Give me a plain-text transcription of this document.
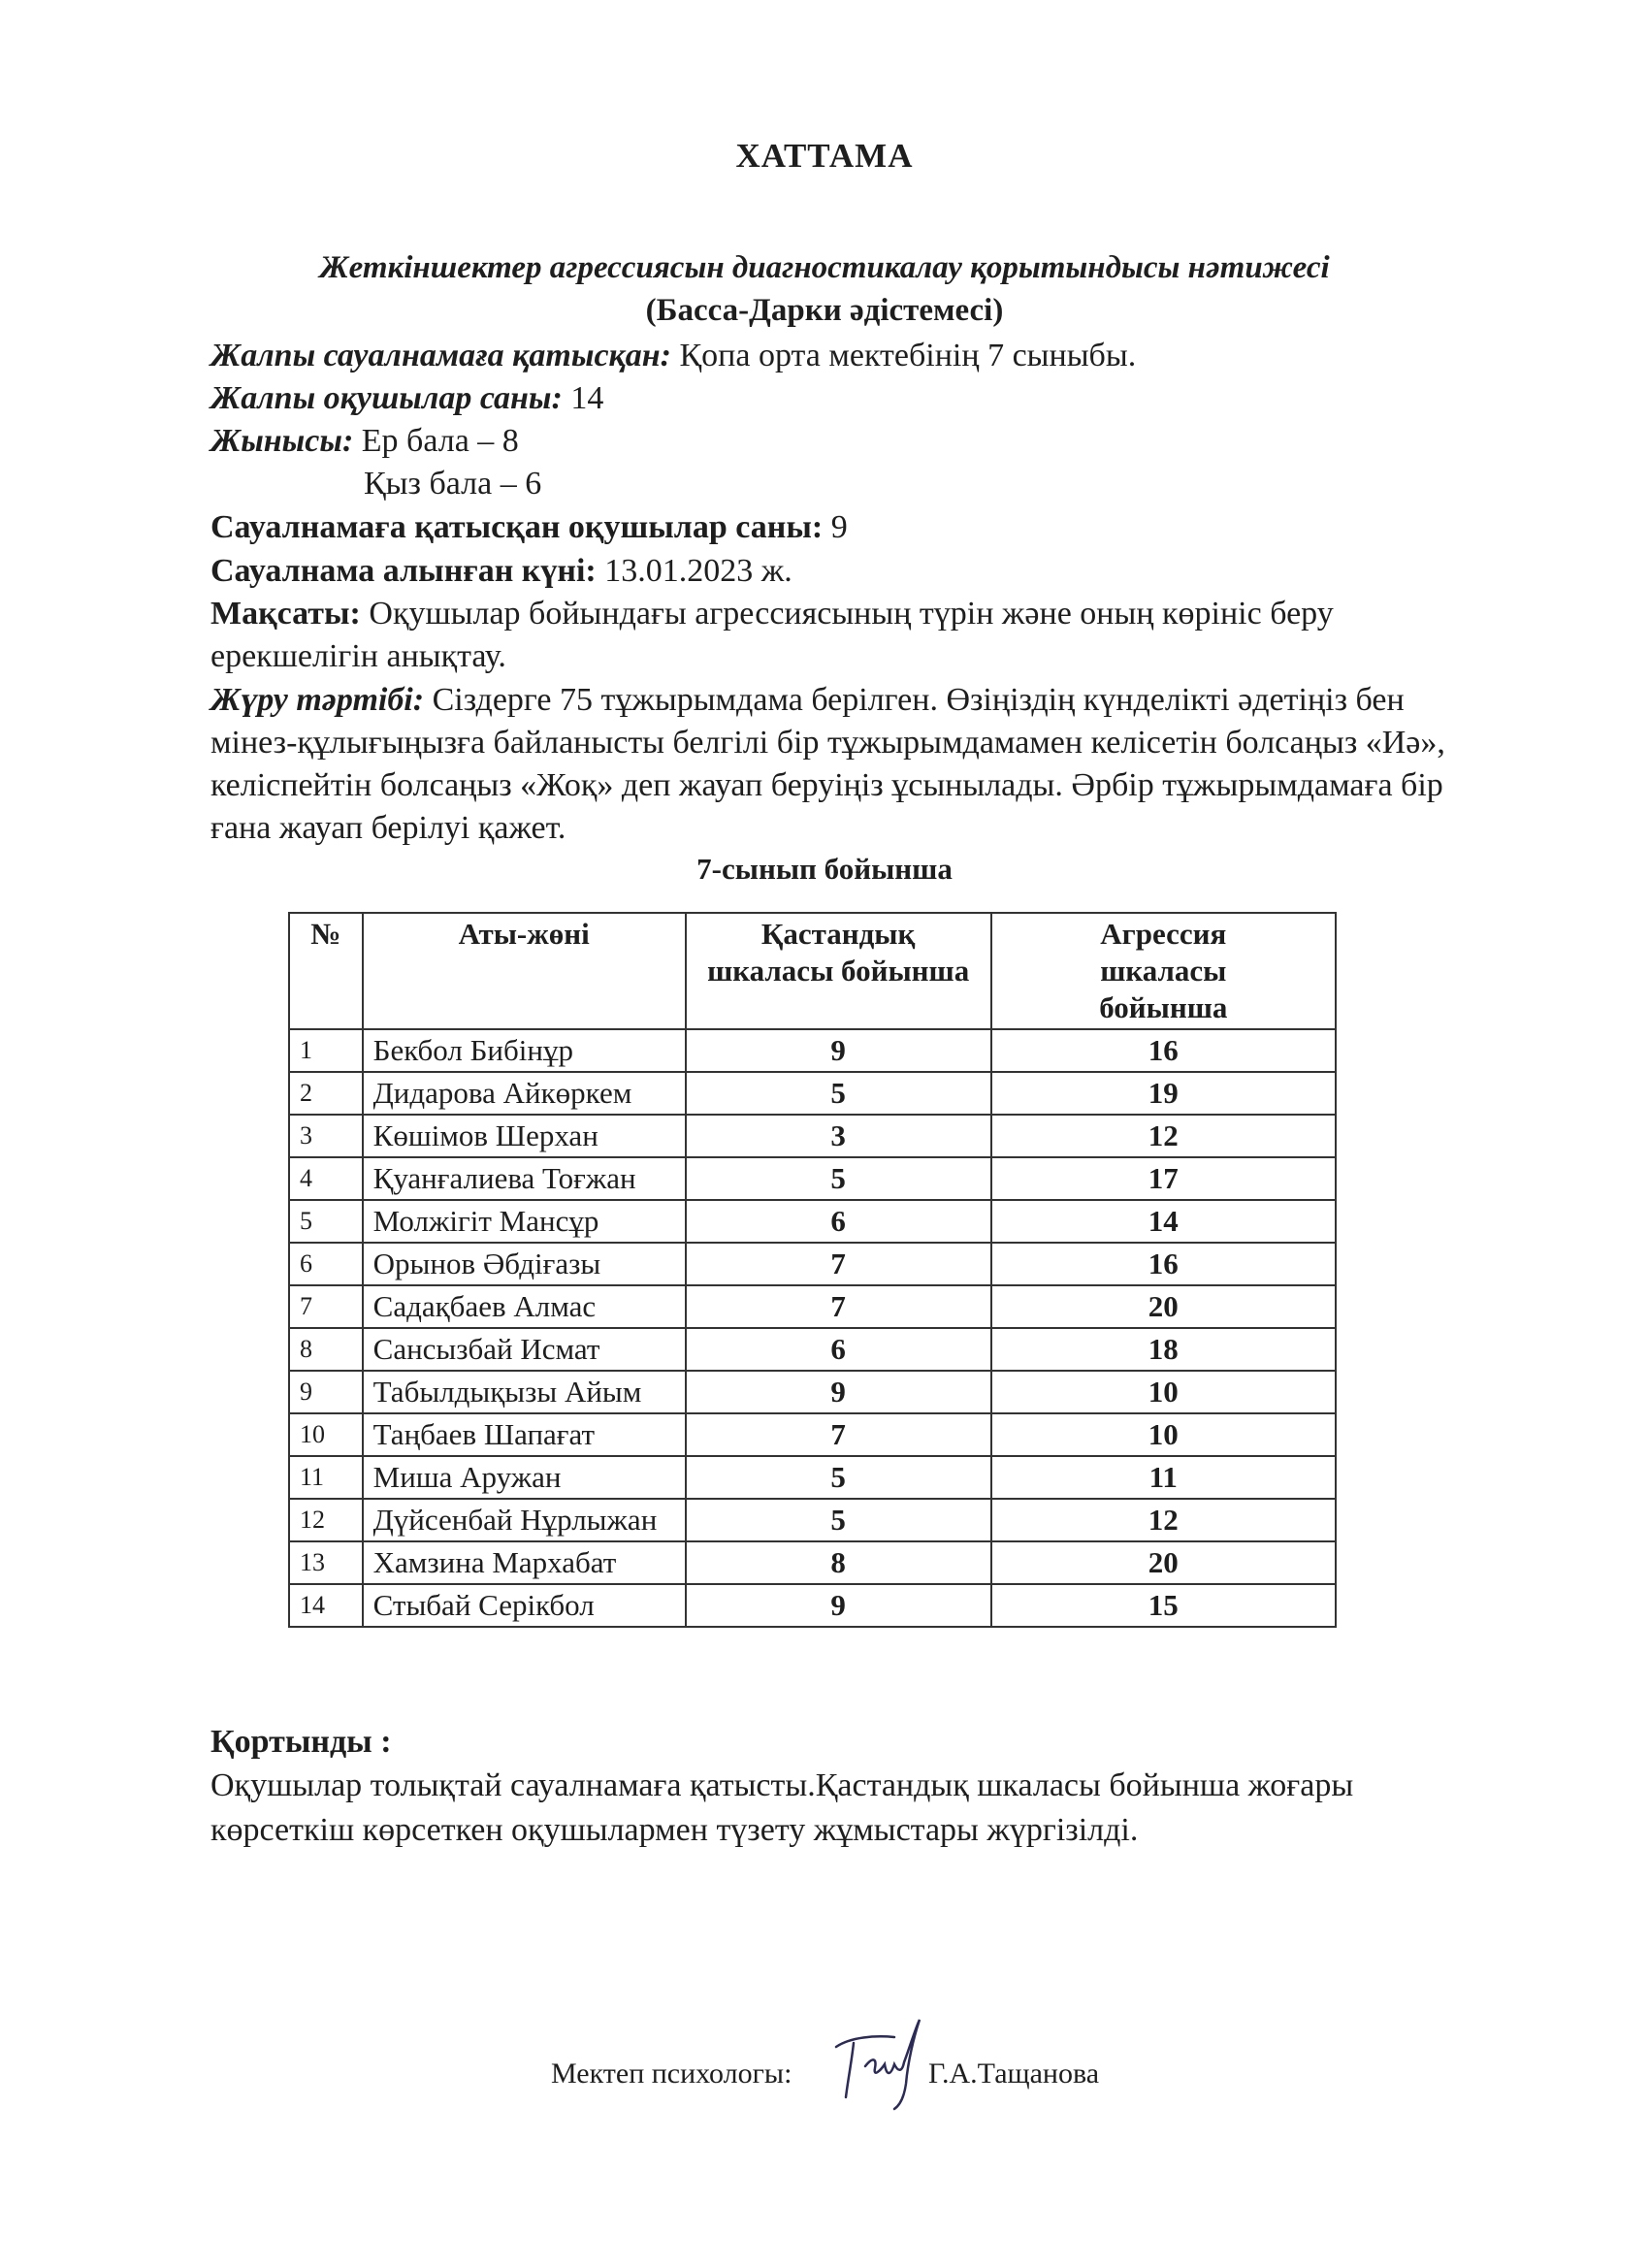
ХАТТАМА
Жеткіншектер агрессиясын диагностикалау қорытындысы нәтижесі
(Басса-Дарки әдістемесі)
Жалпы сауалнамаға қатысқан: Қопа орта мектебінің 7 сыныбы.
Жалпы оқушылар саны: 14
Жынысы: Ер бала – 8
Қыз бала – 6
Сауалнамаға қатысқан оқушылар саны: 9
Сауалнама алынған күні: 13.01.2023 ж.
Мақсаты: Оқушылар бойындағы агрессиясының түрін және оның көрініс беру ерекшелігін анықтау.
Жүру тәртібі: Сіздерге 75 тұжырымдама берілген. Өзіңіздің күнделікті әдетіңіз бен мінез-құлығыңызға байланысты белгілі бір тұжырымдамамен келісетін болсаңыз «Иә», келіспейтін болсаңыз «Жоқ» деп жауап беруіңіз ұсынылады. Әрбір тұжырымдамаға бір ғана жауап берілуі қажет.
7-сынып бойынша
№	Аты-жөні	Қастандық шкаласы бойынша	Агрессия шкаласы бойынша
1	Бекбол Бибінұр	9	16
2	Дидарова Айкөркем	5	19
3	Көшімов Шерхан	3	12
4	Қуанғалиева Тоғжан	5	17
5	Молжігіт Мансұр	6	14
6	Орынов Әбдіғазы	7	16
7	Садақбаев Алмас	7	20
8	Сансызбай Исмат	6	18
9	Табылдықызы Айым	9	10
10	Таңбаев Шапағат	7	10
11	Миша Аружан	5	11
12	Дүйсенбай Нұрлыжан	5	12
13	Хамзина Мархабат	8	20
14	Стыбай Серікбол	9	15
Қортынды :
Оқушылар толықтай сауалнамаға қатысты.Қастандық шкаласы бойынша жоғары көрсеткіш көрсеткен оқушылармен түзету жұмыстары жүргізілді.
Мектеп психологы:	Г.А.Тащанова
